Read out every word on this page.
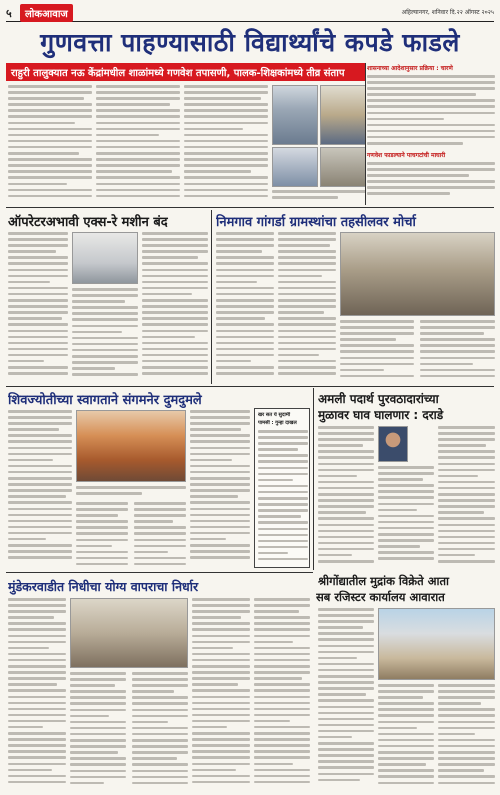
५	लोकआवाज	अहिल्यानगर, शनिवार दि.२२ ऑगस्ट २०२५
गुणवत्ता पाहण्यासाठी विद्यार्थ्यांचे कपडे फाडले
राहुरी तालुक्यात नऊ केंद्रांमधील शाळांमध्ये गणवेश तपासणी, पालक-शिक्षकांमध्ये तीव्र संताप	शासनाच्या आदेशानुसार प्रक्रिया : चारणे
गणवेश फाडल्याने पाचगटांची माघारी
ऑपरेटरअभावी एक्स-रे मशीन बंद	निमगाव गांगर्डा ग्रामस्थांचा तहसीलवर मोर्चा
शिवज्योतीच्या स्वागताने संगमनेर दुमदुमले
खर सत ये सुदामी
पामर्सी : गुन्हा दाखल
अमली पदार्थ पुरवठादारांच्या
मुळावर घाव घालणार : दराडे
श्रीगोंद्यातील मुद्रांक विक्रेते आता
सब रजिस्टर कार्यालय आवारात
मुंडेकरवाडीत निधीचा योग्य वापराचा निर्धार
